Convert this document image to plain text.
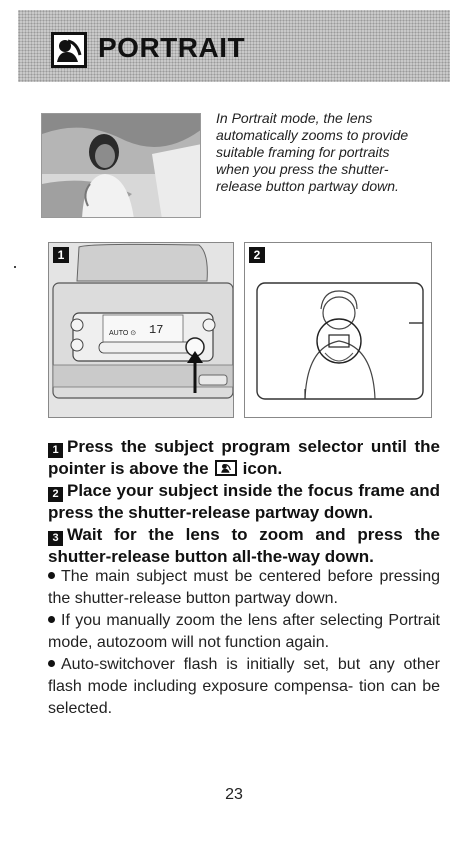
PORTRAIT
In Portrait mode, the lens automatically zooms to provide suitable framing for portraits when you press the shutter-release button partway down.
1
AUTO ⊙ 17
2

1 Press the subject program selector until the pointer is above the icon.

2 Place your subject inside the focus frame and press the shutter-release partway down.

3 Wait for the lens to zoom and press the shutter-release button all-the-way down.

The main subject must be centered before pressing the shutter-release button partway down.

If you manually zoom the lens after selecting Portrait mode, autozoom will not function again.

Auto-switchover flash is initially set, but any other flash mode including exposure compensa- tion can be selected.

23
